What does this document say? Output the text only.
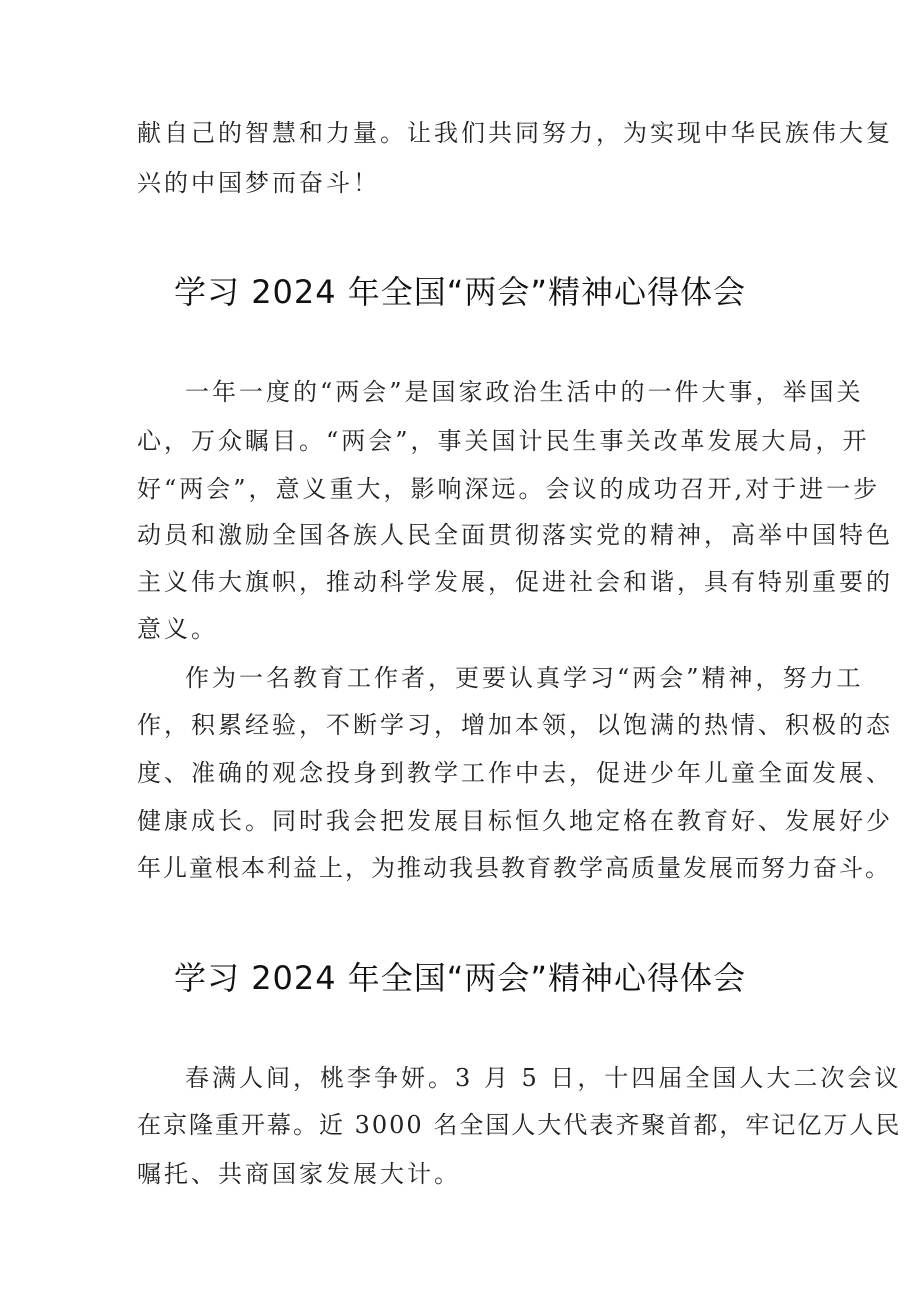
献自己的智慧和力量。让我们共同努力，为实现中华民族伟大复
兴的中国梦而奋斗！
学习 2024 年全国“两会”精神心得体会
一年一度的“两会”是国家政治生活中的一件大事，举国关
心，万众瞩目。“两会”，事关国计民生事关改革发展大局，开
好“两会”，意义重大，影响深远。会议的成功召开,对于进一步
动员和激励全国各族人民全面贯彻落实党的精神，高举中国特色
主义伟大旗帜，推动科学发展，促进社会和谐，具有特别重要的
意义。
作为一名教育工作者，更要认真学习“两会”精神，努力工
作，积累经验，不断学习，增加本领，以饱满的热情、积极的态
度、准确的观念投身到教学工作中去，促进少年儿童全面发展、
健康成长。同时我会把发展目标恒久地定格在教育好、发展好少
年儿童根本利益上，为推动我县教育教学高质量发展而努力奋斗。
学习 2024 年全国“两会”精神心得体会
春满人间，桃李争妍。3 月 5 日，十四届全国人大二次会议
在京隆重开幕。近 3000 名全国人大代表齐聚首都，牢记亿万人民
嘱托、共商国家发展大计。
